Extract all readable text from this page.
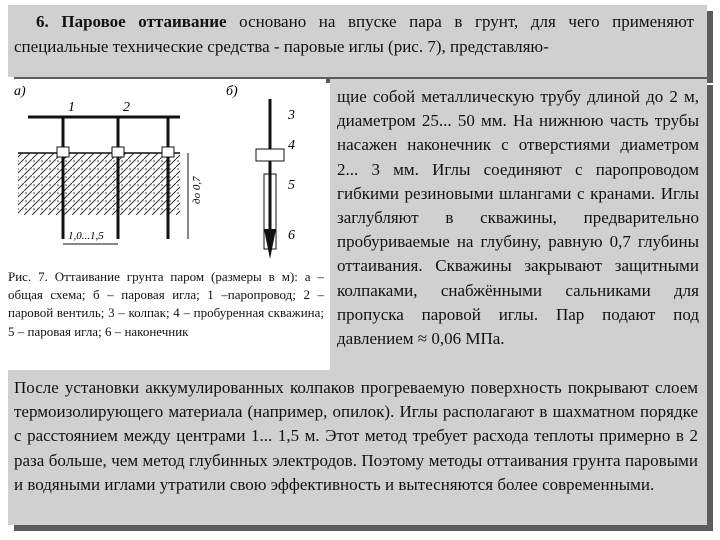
6. Паровое оттаивание основано на впуске пара в грунт, для чего применяют специальные технические средства - паровые иглы (рис. 7), представляю-
щие собой металлическую трубу длиной до 2 м, диаметром 25... 50 мм. На нижнюю часть трубы насажен наконечник с отверстиями диаметром 2... 3 мм. Иглы соединяют с паропроводом гибкими резиновыми шлангами с кранами. Иглы заглубляют в скважины, предварительно пробуриваемые на глубину, равную 0,7 глубины оттаивания. Скважины закрывают защитными колпаками, снабжёнными сальниками для пропуска паровой иглы. Пар подают под давлением ≈ 0,06 МПа.
После установки аккумулированных колпаков прогреваемую поверхность покрывают слоем термоизолирующего материала (например, опилок). Иглы располагают в шахматном порядке с расстоянием между центрами 1... 1,5 м. Этот метод требует расхода теплоты примерно в 2 раза больше, чем метод глубинных электродов. Поэтому методы оттаивания грунта паровыми и водяными иглами утратили свою эффективность и вытесняются более современными.
а)	б)
1	2
1,0...1,5
до 0,7
3
4
5
6
Рис. 7. Оттаивание грунта паром (размеры в м): а – общая схема; б – паровая игла; 1 –паропровод; 2 – паровой вентиль; 3 – колпак; 4 – пробуренная скважина; 5 – паровая игла; 6 – наконечник
